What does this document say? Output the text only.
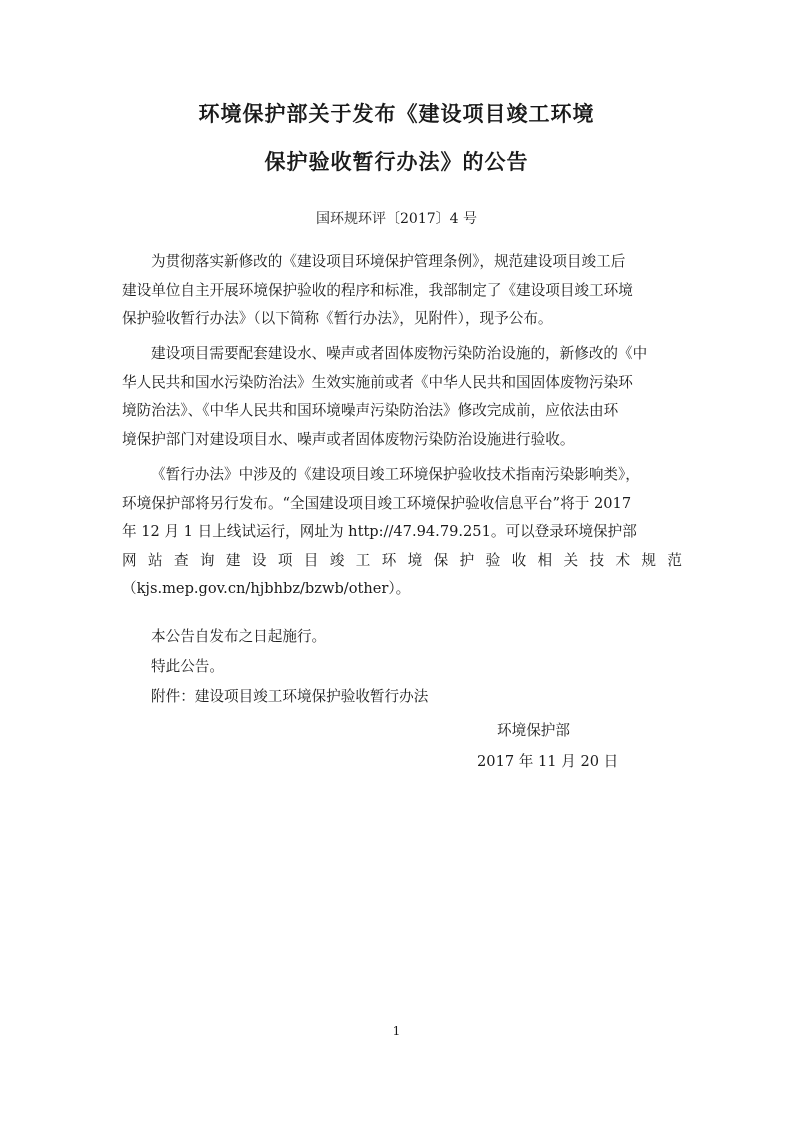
环境保护部关于发布《建设项目竣工环境
保护验收暂行办法》的公告
国环规环评〔2017〕4 号
为贯彻落实新修改的《建设项目环境保护管理条例》，规范建设项目竣工后
建设单位自主开展环境保护验收的程序和标准，我部制定了《建设项目竣工环境
保护验收暂行办法》（以下简称《暂行办法》，见附件），现予公布。
建设项目需要配套建设水、噪声或者固体废物污染防治设施的，新修改的《中
华人民共和国水污染防治法》生效实施前或者《中华人民共和国固体废物污染环
境防治法》、《中华人民共和国环境噪声污染防治法》修改完成前，应依法由环
境保护部门对建设项目水、噪声或者固体废物污染防治设施进行验收。
《暂行办法》中涉及的《建设项目竣工环境保护验收技术指南污染影响类》，
环境保护部将另行发布。“全国建设项目竣工环境保护验收信息平台”将于 2017
年 12 月 1 日上线试运行，网址为 http://47.94.79.251。可以登录环境保护部
网站查询建设项目竣工环境保护验收相关技术规范
（kjs.mep.gov.cn/hjbhbz/bzwb/other）。
本公告自发布之日起施行。
特此公告。
附件：建设项目竣工环境保护验收暂行办法
环境保护部
2017 年 11 月 20 日
1
